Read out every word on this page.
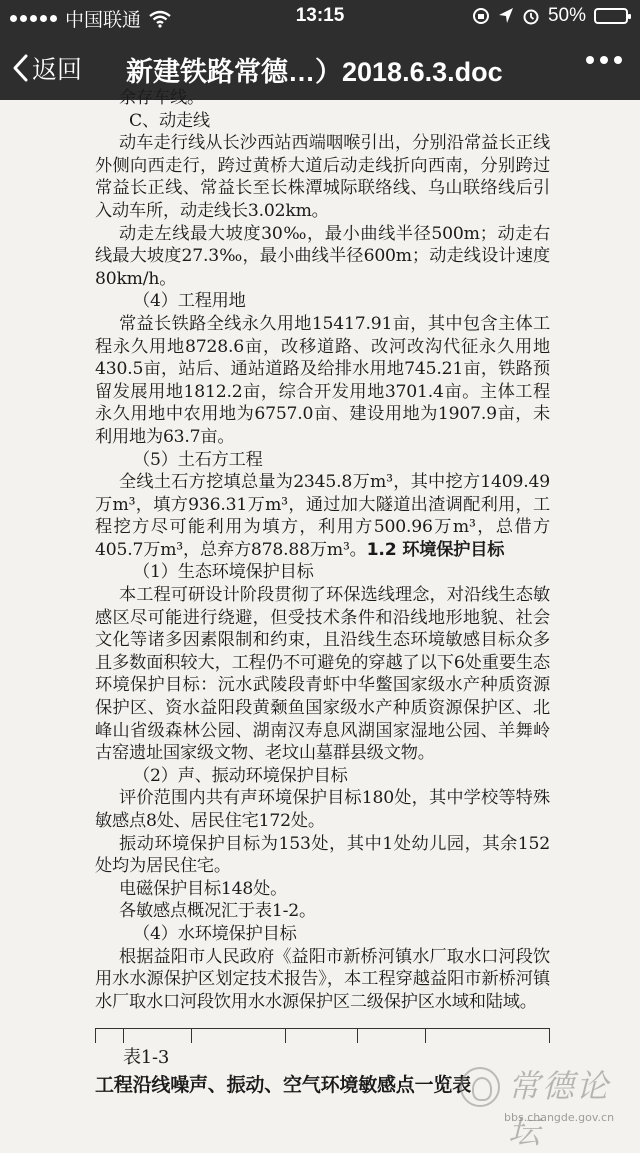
中国联通	13:15	50%
返回 新建铁路常德…）2018.6.3.doc

余存车线。

C、动走线

动车走行线从长沙西站西端咽喉引出，分别沿常益长正线外侧向西走行，跨过黄桥大道后动走线折向西南，分别跨过常益长正线、常益长至长株潭城际联络线、乌山联络线后引入动车所，动走线长3.02km。

动走左线最大坡度30‰，最小曲线半径500m；动走右线最大坡度27.3‰，最小曲线半径600m；动走线设计速度80km/h。

（4）工程用地

常益长铁路全线永久用地15417.91亩，其中包含主体工程永久用地8728.6亩，改移道路、改河改沟代征永久用地430.5亩，站后、通站道路及给排水用地745.21亩，铁路预留发展用地1812.2亩，综合开发用地3701.4亩。主体工程永久用地中农用地为6757.0亩、建设用地为1907.9亩，未利用地为63.7亩。

（5）土石方工程

全线土石方挖填总量为2345.8万m³，其中挖方1409.49万m³，填方936.31万m³，通过加大隧道出渣调配利用，工程挖方尽可能利用为填方，利用方500.96万m³，总借方405.7万m³，总弃方878.88万m³。1.2 环境保护目标

（1）生态环境保护目标

本工程可研设计阶段贯彻了环保选线理念，对沿线生态敏感区尽可能进行绕避，但受技术条件和沿线地形地貌、社会文化等诸多因素限制和约束，且沿线生态环境敏感目标众多且多数面积较大，工程仍不可避免的穿越了以下6处重要生态环境保护目标：沅水武陵段青虾中华鳖国家级水产种质资源保护区、资水益阳段黄颡鱼国家级水产种质资源保护区、北峰山省级森林公园、湖南汉寿息风湖国家湿地公园、羊舞岭古窑遗址国家级文物、老坟山墓群县级文物。

（2）声、振动环境保护目标

评价范围内共有声环境保护目标180处，其中学校等特殊敏感点8处、居民住宅172处。

振动环境保护目标为153处，其中1处幼儿园，其余152处均为居民住宅。

电磁保护目标148处。

各敏感点概况汇于表1-2。

（4）水环境保护目标

根据益阳市人民政府《益阳市新桥河镇水厂取水口河段饮用水水源保护区划定技术报告》，本工程穿越益阳市新桥河镇水厂取水口河段饮用水水源保护区二级保护区水域和陆域。

表1-3

工程沿线噪声、振动、空气环境敏感点一览表	常德论坛
bbs.changde.gov.cn
